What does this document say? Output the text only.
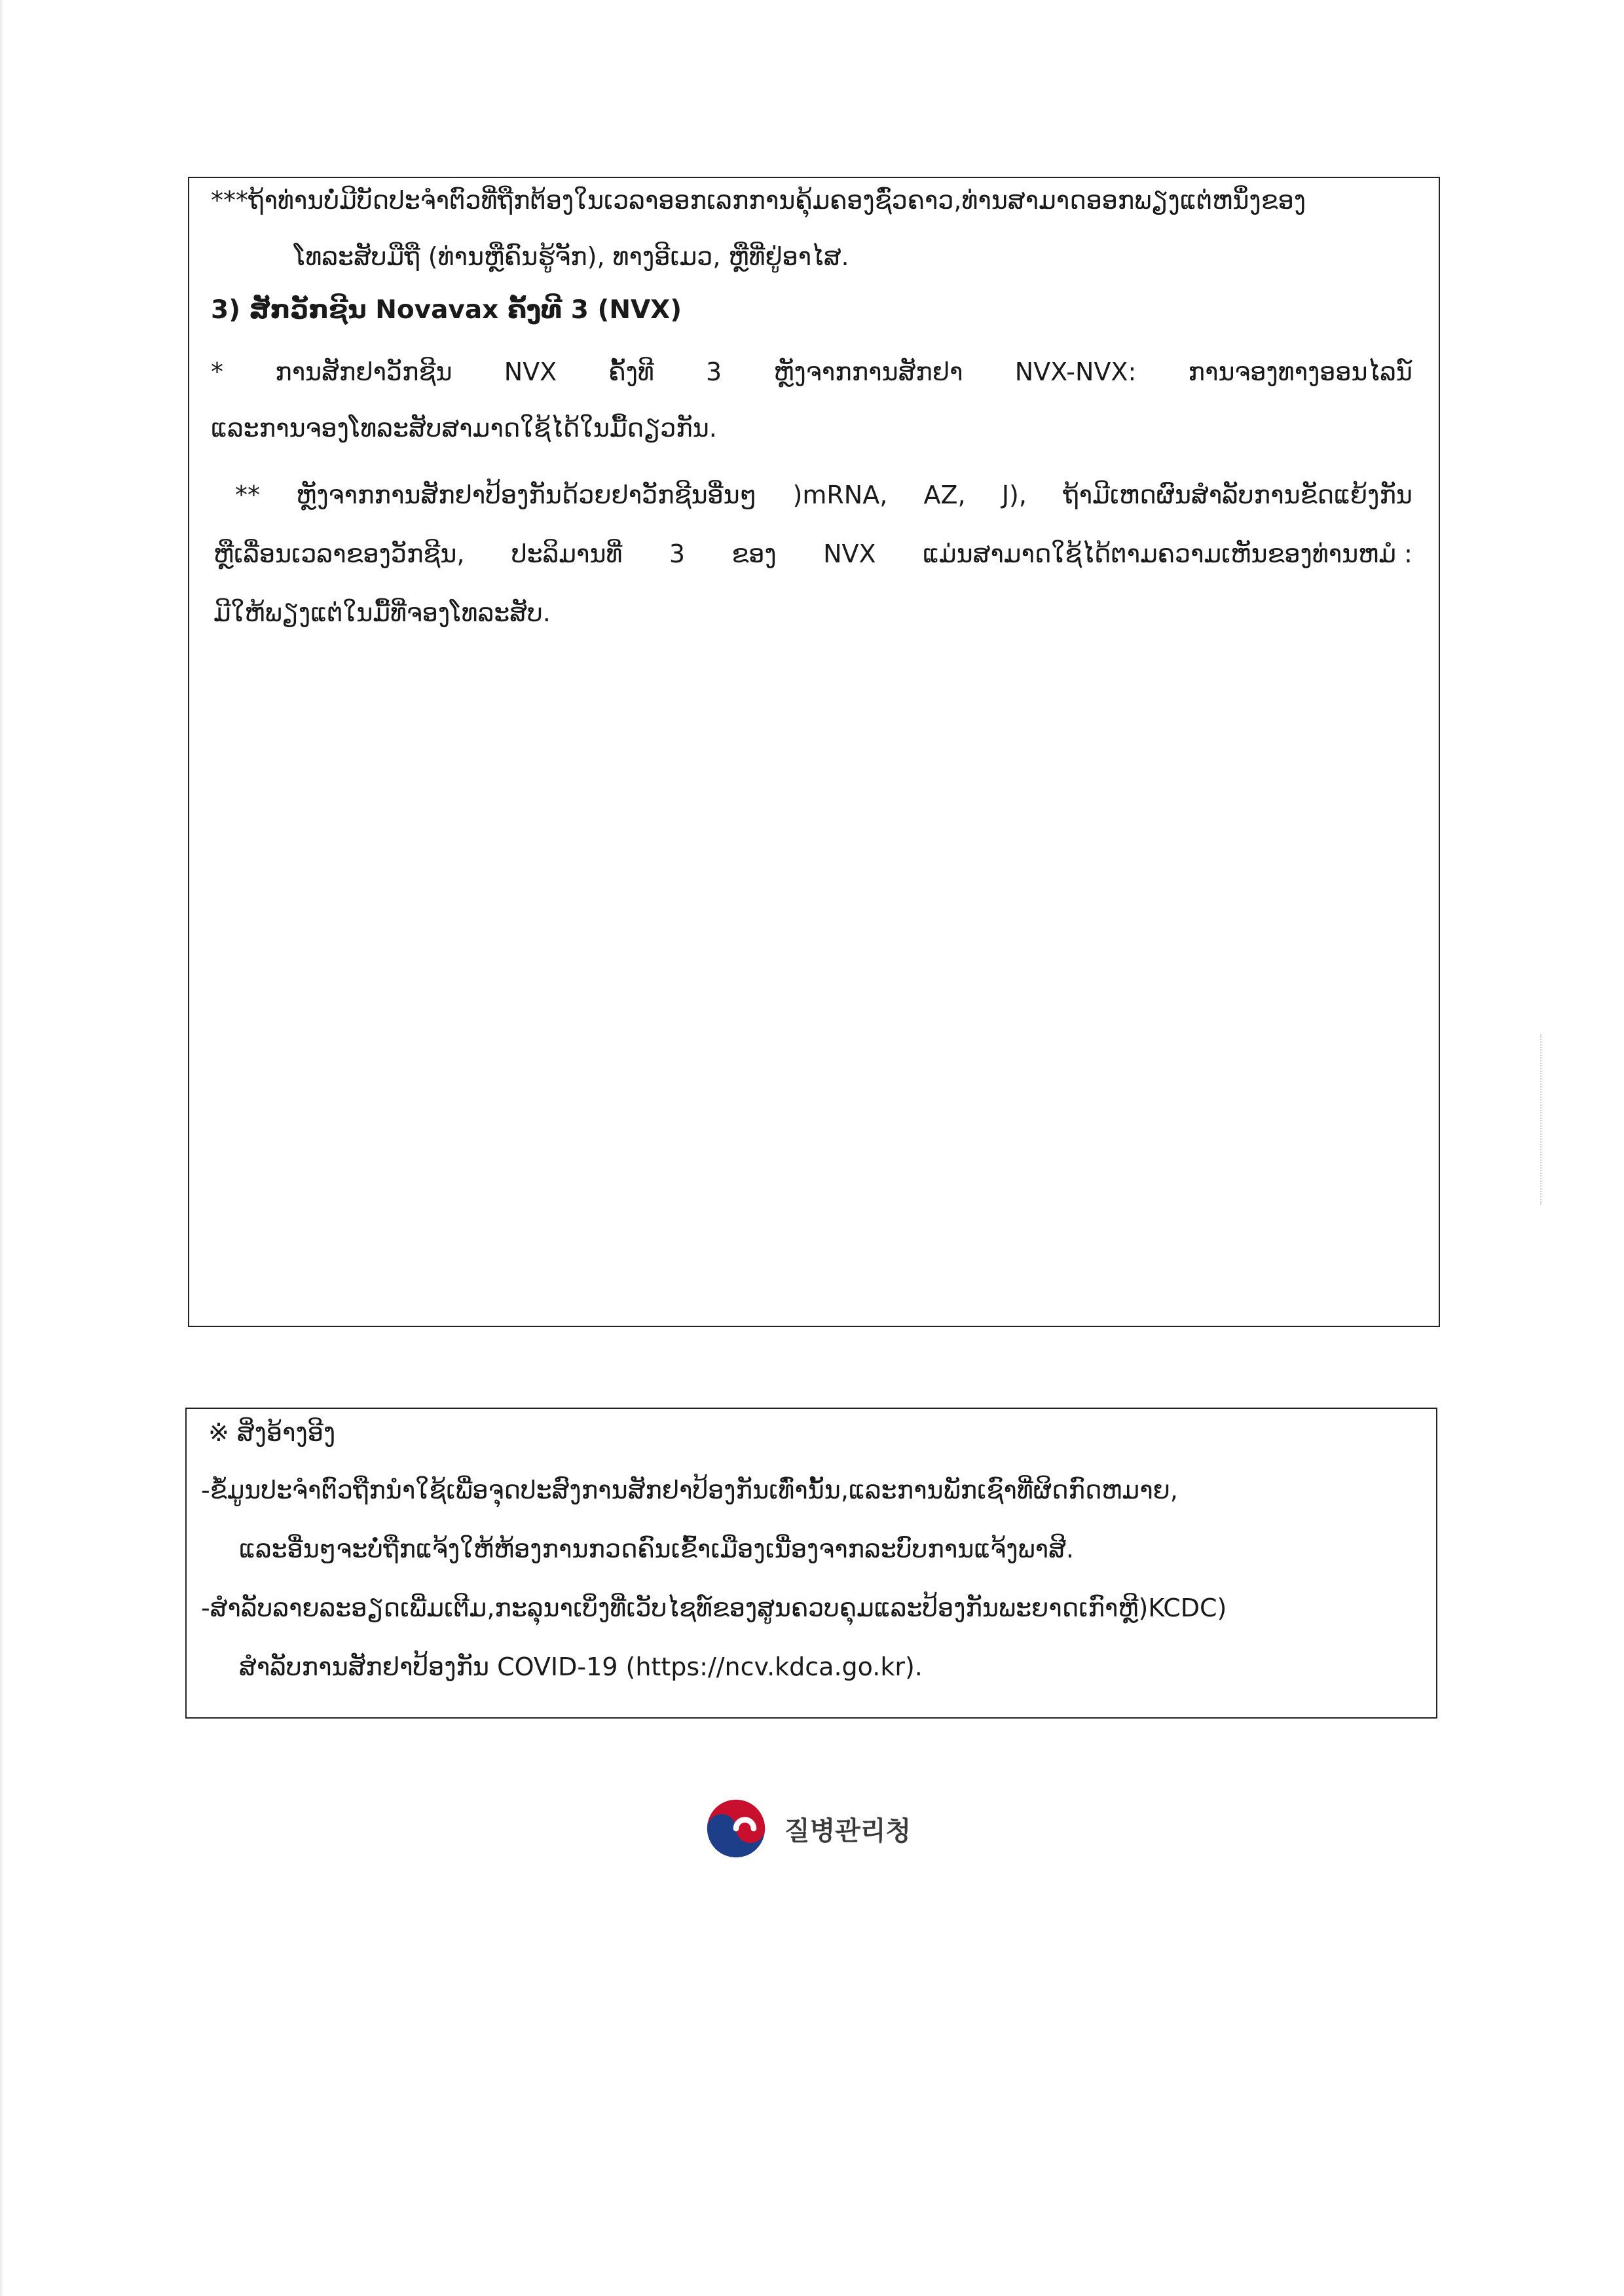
***ຖ້າທ່ານບໍ່ມີບັດປະຈຳຕົວທີ່ຖືກຕ້ອງໃນເວລາອອກເລກການຄຸ້ມຄອງຊົ່ວຄາວ,ທ່ານສາມາດອອກພຽງແຕ່ຫນຶ່ງຂອງ
ໂທລະສັບມືຖື (ທ່ານຫຼືຄົນຮູ້ຈັກ), ທາງອີເມວ, ຫຼືທີ່ຢູ່ອາໄສ.
3) ສັກວັກຊີນ Novavax ຄັ້ງທີ 3 (NVX)
* ການສັກຢາວັກຊີນ NVX ຄັ້ງທີ 3 ຫຼັງຈາກການສັກຢາ NVX-NVX: ການຈອງທາງອອນໄລນ໌
ແລະການຈອງໂທລະສັບສາມາດໃຊ້ໄດ້ໃນມື້ດຽວກັນ.
** ຫຼັງຈາກການສັກຢາປ້ອງກັນດ້ວຍຢາວັກຊີນອື່ນໆ )mRNA, AZ, J), ຖ້າມີເຫດຜົນສຳລັບການຂັດແຍ້ງກັນ
ຫຼືເລື່ອນເວລາຂອງວັກຊີນ, ປະລິມານທີ່ 3 ຂອງ NVX ແມ່ນສາມາດໃຊ້ໄດ້ຕາມຄວາມເຫັນຂອງທ່ານຫມໍ :
ມີໃຫ້ພຽງແຕ່ໃນມື້ທີ່ຈອງໂທລະສັບ.
※ ສິ່ງອ້າງອີງ
-ຂໍ້ມູນປະຈຳຕົວຖືກນຳໃຊ້ເພື່ອຈຸດປະສົງການສັກຢາປ້ອງກັນເທົ່ານັ້ນ,ແລະການພັກເຊົາທີ່ຜິດກົດຫມາຍ,
ແລະອື່ນໆຈະບໍ່ຖືກແຈ້ງໃຫ້ຫ້ອງການກວດຄົນເຂົ້າເມືອງເນື່ອງຈາກລະບົບການແຈ້ງພາສີ.
-ສຳລັບລາຍລະອຽດເພີ່ມເຕີມ,ກະລຸນາເບິ່ງທີ່ເວັບໄຊທ໌ຂອງສູນຄວບຄຸມແລະປ້ອງກັນພະຍາດເກົາຫຼີ)KCDC)
ສຳລັບການສັກຢາປ້ອງກັນ COVID-19 (https://ncv.kdca.go.kr).
질병관리청
